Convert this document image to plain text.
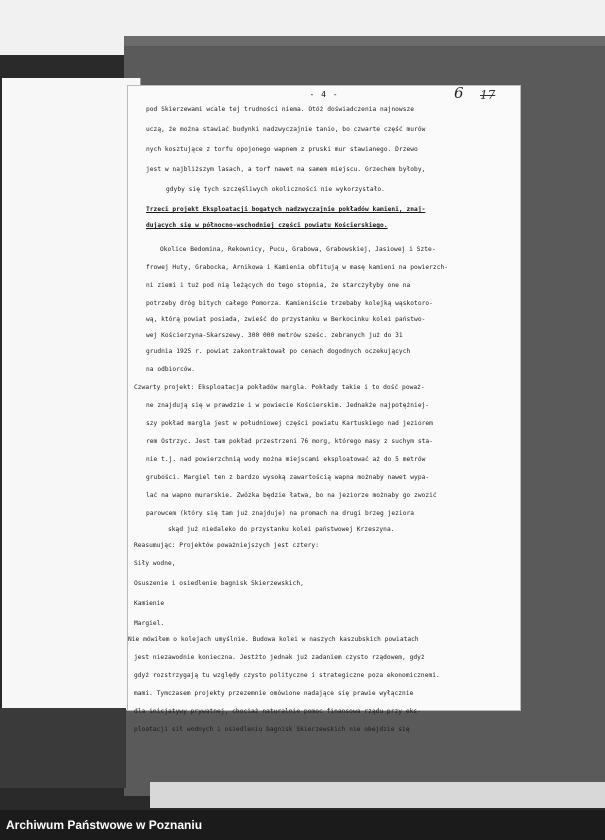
- 4 -	6 17
pod Skierzewami wcale tej trudności niema. Otóż doświadczenia najnowsze
uczą, że można stawiać budynki nadzwyczajnie tanio, bo czwarte część murów
nych kosztujące z torfu opojonego wapnem z pruski mur stawianego. Drzewo
jest w najbliższym lasach, a torf nawet na samem miejscu. Grzechem byłoby,
gdyby się tych szczęśliwych okoliczności nie wykorzystało.
Trzeci projekt Eksploatacji bogatych nadzwyczajnie pokładów kamieni, znaj-
dujących się w północno-wschodniej części powiatu Kościerskiego.
Okolice Bedomina, Rekownicy, Pucu, Grabowa, Grabowskiej, Jasiowej i Szte-
frowej Huty, Grabocka, Arnikowa i Kamienia obfitują w masę kamieni na powierzch-
ni ziemi i tuż pod nią leżących do tego stopnia, że starczyłyby one na
potrzeby dróg bitych całego Pomorza. Kamieniście trzebaby kolejką wąskotoro-
wą, którą powiat posiada, zwieść do przystanku w Berkocinku kolei państwo-
wej Kościerzyna-Skarszewy. 300 000 metrów sześc. zebranych już do 31
grudnia 1925 r. powiat zakontraktował po cenach dogodnych oczekujących
na odbiorców.
Czwarty projekt: Eksploatacja pokładów margla. Pokłady takie i to dość poważ-
ne znajdują się w prawdzie i w powiecie Kościerskim. Jednakże najpotężniej-
szy pokład margla jest w południowej części powiatu Kartuskiego nad jeziorem
rem Ostrzyc. Jest tam pokład przestrzeni 76 morg, którego masy z suchym sta-
nie t.j. nad powierzchnią wody można miejscami eksploatować aż do 5 metrów
grubości. Margiel ten z bardzo wysoką zawartością wapna możnaby nawet wypa-
lać na wapno murarskie. Zwózka będzie łatwa, bo na jeziorze możnaby go zwozić
parowcem (który się tam już znajduje) na promach na drugi brzeg jeziora
skąd już niedaleko do przystanku kolei państwowej Krzeszyna.
Reasumując: Projektów poważniejszych jest cztery:
Siły wodne,
Osuszenie i osiedlenie bagnisk Skierzewskich,
Kamienie
Margiel.
Nie mówiłem o kolejach umyślnie. Budowa kolei w naszych kaszubskich powiatach
jest niezawodnie konieczna. Jestżto jednak już zadaniem czysto rządowem, gdyż
gdyż rozstrzygają tu względy czysto polityczne i strategiczne poza ekonomicznemi.
mami. Tymczasem projekty przezemnie omówione nadające się prawie wyłącznie
dla inicjatywy prywatnej, chociaż naturalnie pomoc finansowa rządu przy eks-
ploatacji sił wodnych i osiedleniu bagnisk Skierzewskich nie obejdzie się
Archiwum Państwowe w Poznaniu
